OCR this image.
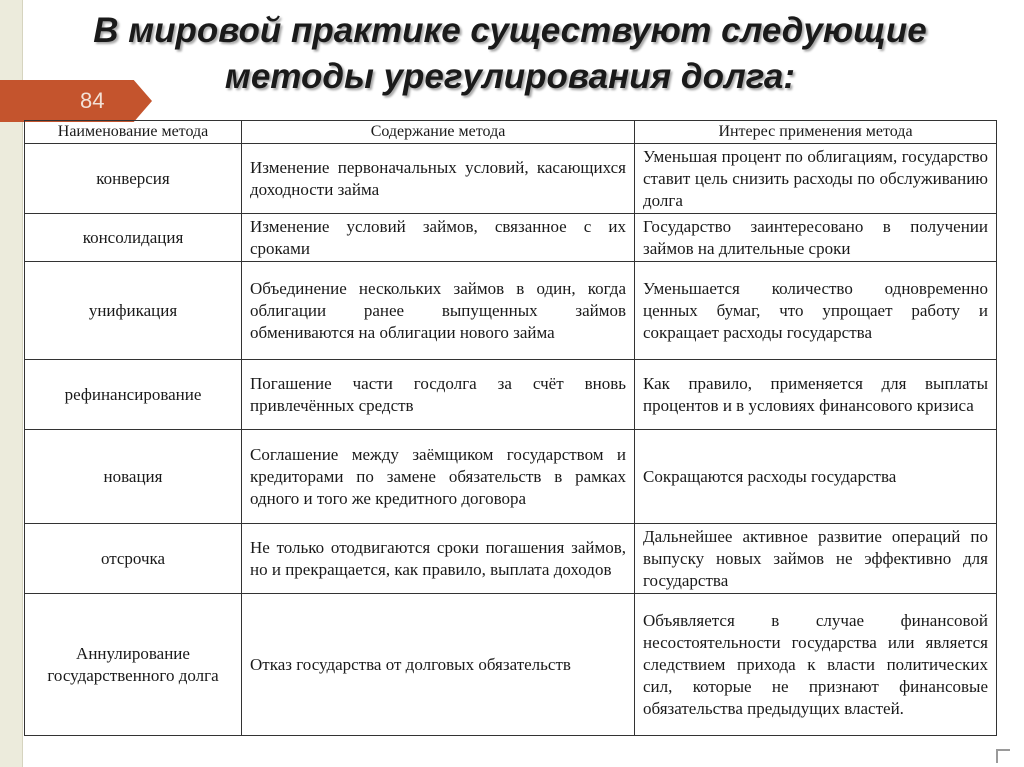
В мировой практике существуют следующие методы урегулирования долга:
84
Наименование метода	Содержание метода	Интерес применения метода
конверсия	Изменение первоначальных условий, касающихся доходности займа	Уменьшая процент по облигациям, государство ставит цель снизить расходы по обслуживанию долга
консолидация	Изменение условий займов, связанное с их сроками	Государство заинтересовано в получении займов на длительные сроки
унификация	Объединение нескольких займов в один, когда облигации ранее выпущенных займов обмениваются на облигации нового займа	Уменьшается количество одновременно ценных бумаг, что упрощает работу и сокращает расходы государства
рефинансирование	Погашение части госдолга за счёт вновь привлечённых средств	Как правило, применяется для выплаты процентов и в условиях финансового кризиса
новация	Соглашение между заёмщиком государством и кредиторами по замене обязательств в рамках одного и того же кредитного договора	Сокращаются расходы государства
отсрочка	Не только отодвигаются сроки погашения займов, но и прекращается, как правило, выплата доходов	Дальнейшее активное развитие операций по выпуску новых займов не эффективно для государства
Аннулирование государственного долга	Отказ государства от долговых обязательств	Объявляется в случае финансовой несостоятельности государства или является следствием прихода к власти политических сил, которые не признают финансовые обязательства предыдущих властей.
